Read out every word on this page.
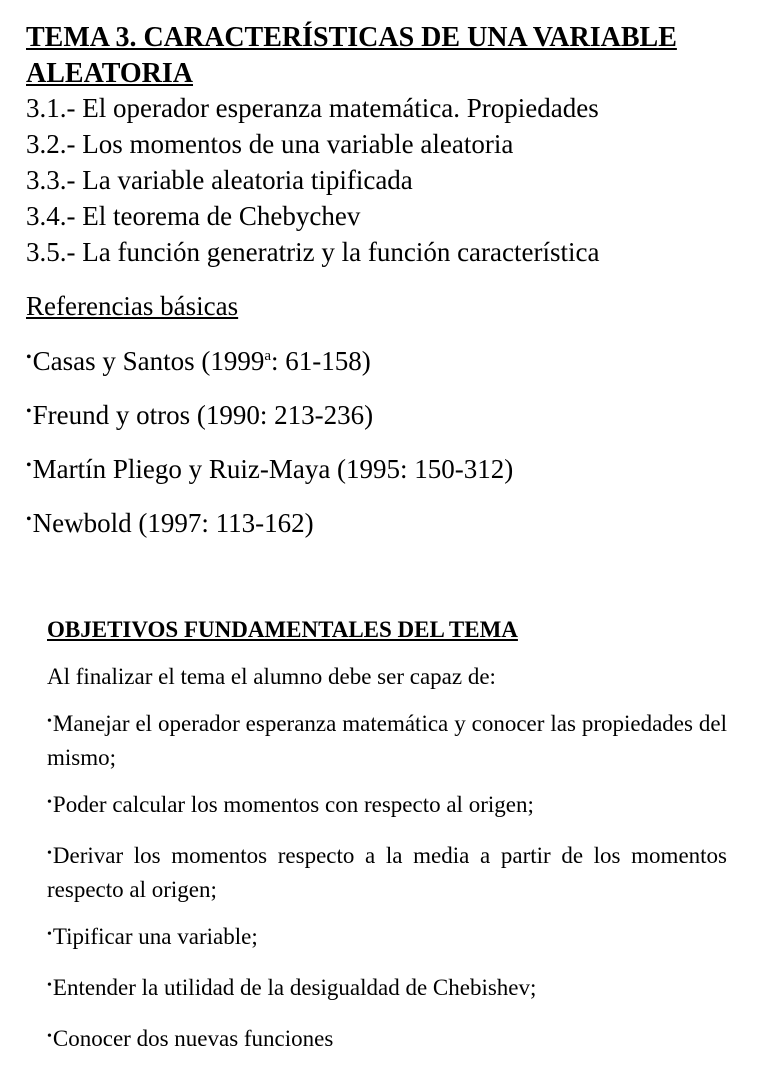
TEMA 3. CARACTERÍSTICAS DE UNA VARIABLE ALEATORIA
3.1.- El operador esperanza matemática. Propiedades
3.2.- Los momentos de una variable aleatoria
3.3.- La variable aleatoria tipificada
3.4.- El teorema de Chebychev
3.5.- La función generatriz y la función característica
Referencias básicas
•Casas y Santos (1999$^a$: 61-158)
•Freund y otros (1990: 213-236)
•Martín Pliego y Ruiz-Maya (1995: 150-312)
•Newbold (1997: 113-162)
OBJETIVOS FUNDAMENTALES DEL TEMA
Al finalizar el tema el alumno debe ser capaz de:
•Manejar el operador esperanza matemática y conocer las propiedades del mismo;
•Poder calcular los momentos con respecto al origen;
•Derivar los momentos respecto a la media a partir de los momentos respecto al origen;
•Tipificar una variable;
•Entender la utilidad de la desigualdad de Chebishev;
•Conocer dos nuevas funciones
